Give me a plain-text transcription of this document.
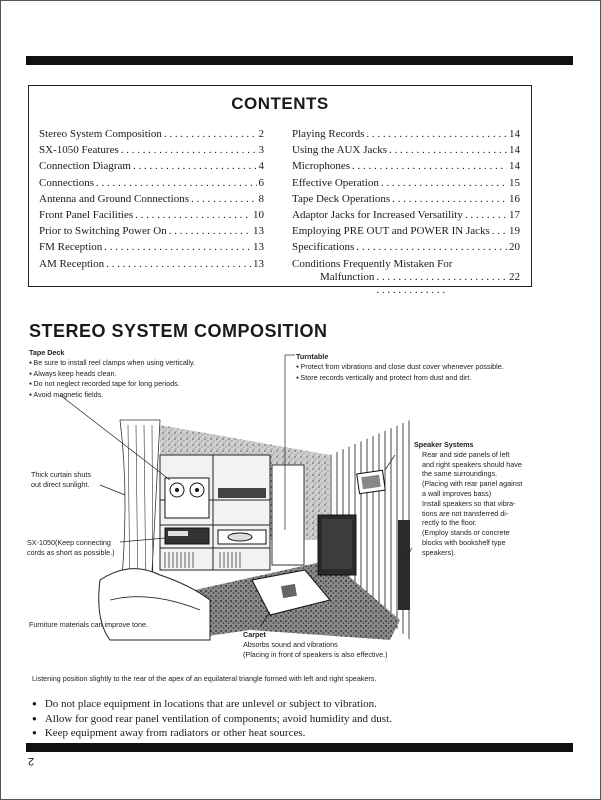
CONTENTS
Stereo System Composition . . .	2
SX-1050 Features . . .	3
Connection Diagram . . .	4
Connections . . .	6
Antenna and Ground Connections . . .	8
Front Panel Facilities . . .	10
Prior to Switching Power On . . .	13
FM Reception . . .	13
AM Reception . . .	13
Playing Records . . .	14
Using the AUX Jacks . . .	14
Microphones . . .	14
Effective Operation . . .	15
Tape Deck Operations . . .	16
Adaptor Jacks for Increased Versatility . . .	17
Employing PRE OUT and POWER IN Jacks . . . 19
Specifications . . .	20
Conditions Frequently Mistaken For
Malfunction . . .	22
STEREO SYSTEM COMPOSITION
Tape Deck
● Be sure to install reel clamps when using vertically.
● Always keep heads clean.
● Do not neglect recorded tape for long periods.
● Avoid magnetic fields.
Turntable
● Protect from vibrations and close dust cover whenever possible.
● Store records vertically and protect from dust and dirt.
Speaker Systems
Rear and side panels of left
and right speakers should have
the same surroundings.
(Placing with rear panel against
a wall improves bass)
Install speakers so that vibra-
tions are not transferred di-
rectly to the floor.
(Employ stands or concrete
blocks with bookshelf type
speakers).
Thick curtain shuts
out direct sunlight.
SX-1050(Keep connecting
cords as short as possible.)
Furniture materials can improve tone.
Carpet
Absorbs sound and vibrations
(Placing in front of speakers is also effective.)
Listening position slightly to the rear of the apex of an equilateral triangle formed with left and right speakers.
● Do not place equipment in locations that are unlevel or subject to vibration.
● Allow for good rear panel ventilation of components; avoid humidity and dust.
● Keep equipment away from radiators or other heat sources.
2
